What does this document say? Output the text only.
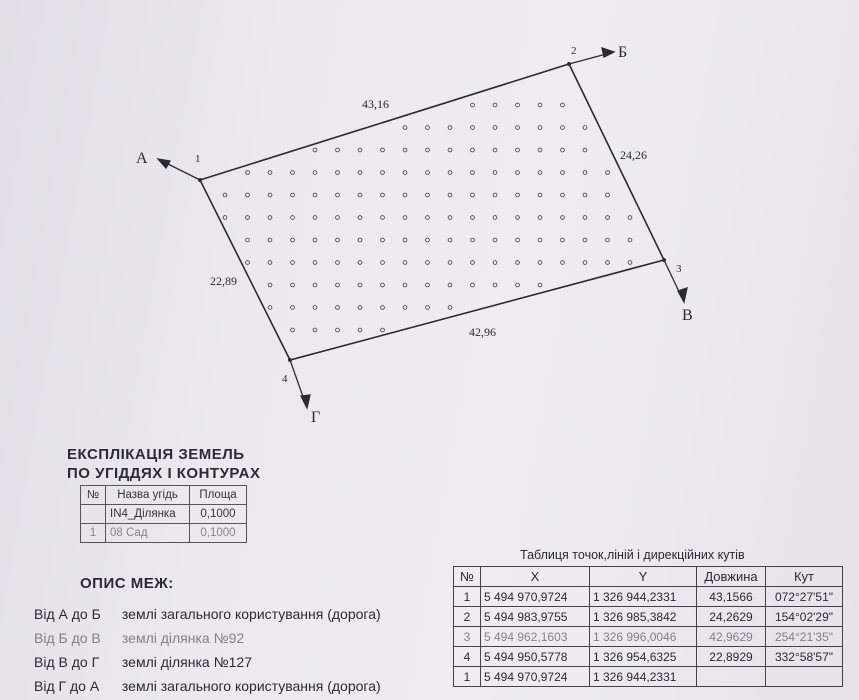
1
2
3
4
А
Б
В
Г
43,16
24,26
42,96
22,89
ЕКСПЛІКАЦІЯ ЗЕМЕЛЬ
ПО УГІДДЯХ І КОНТУРАХ
№	Назва угідь	Площа
	IN4_Ділянка	0,1000
1	08 Сад	0,1000
ОПИС МЕЖ:
Від А до Б землі загального користування (дорога)
Від Б до В землі ділянка №92
Від В до Г землі ділянка №127
Від Г до А землі загального користування (дорога)
Таблиця точок,ліній і дирекційних кутів
№	X	Y	Довжина	Кут
1	5 494 970,9724	1 326 944,2331	43,1566	072°27'51"
2	5 494 983,9755	1 326 985,3842	24,2629	154°02'29"
3	5 494 962,1603	1 326 996,0046	42,9629	254°21'35"
4	5 494 950,5778	1 326 954,6325	22,8929	332°58'57"
1	5 494 970,9724	1 326 944,2331		
